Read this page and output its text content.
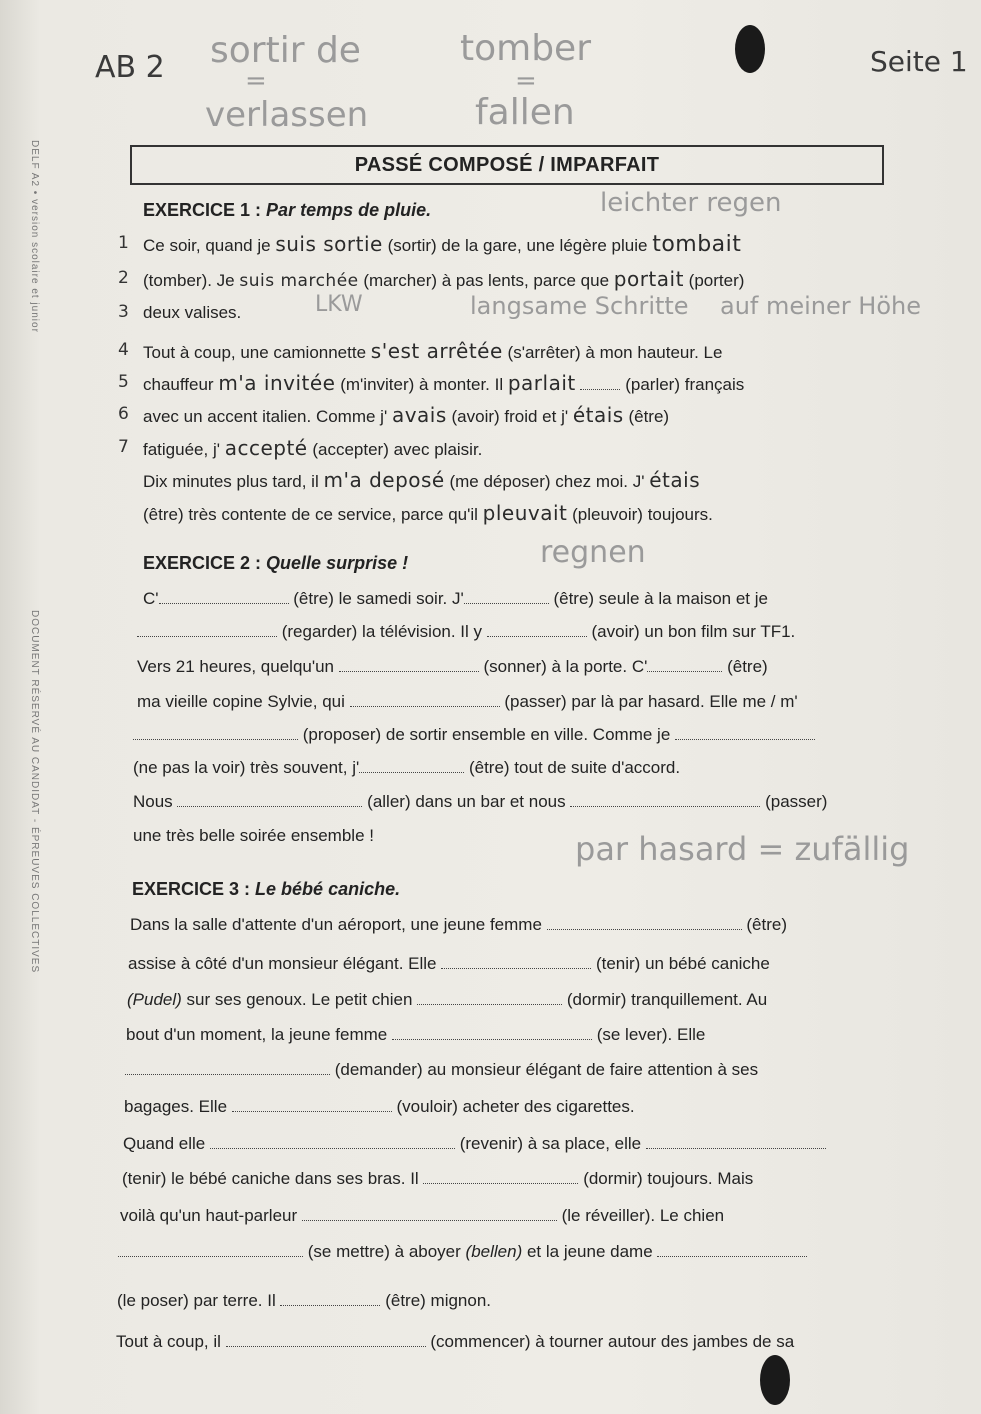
DELF A2 • version scolaire et junior
DOCUMENT RÉSERVÉ AU CANDIDAT - ÉPREUVES COLLECTIVES
AB 2 sortir de
=
verlassen
tomber
=
fallen
Seite 1
PASSÉ COMPOSÉ / IMPARFAIT
EXERCICE 1 : Par temps de pluie.	leichter regen
1 Ce soir, quand je suis sortie (sortir) de la gare, une légère pluie tombait
2 (tomber). Je suis marchée (marcher) à pas lents, parce que portait (porter)
3 deux valises.	LKW	langsame Schritte auf meiner Höhe
4 Tout à coup, une camionnette s'est arrêtée (s'arrêter) à mon hauteur. Le
5 chauffeur m'a invitée (m'inviter) à monter. Il parlait	(parler) français
6 avec un accent italien. Comme j' avais (avoir) froid et j' étais (être)
7 fatiguée, j' accepté (accepter) avec plaisir.
Dix minutes plus tard, il m'a deposé (me déposer) chez moi. J' étais
(être) très contente de ce service, parce qu'il pleuvait (pleuvoir) toujours.
EXERCICE 2 : Quelle surprise !	regnen
C'	(être) le samedi soir. J'	(être) seule à la maison et je
(regarder) la télévision. Il y	(avoir) un bon film sur TF1.
Vers 21 heures, quelqu'un	(sonner) à la porte. C'	(être)
ma vieille copine Sylvie, qui	(passer) par là par hasard. Elle me / m'
(proposer) de sortir ensemble en ville. Comme je
(ne pas la voir) très souvent, j'	(être) tout de suite d'accord.
Nous	(aller) dans un bar et nous	(passer)
une très belle soirée ensemble !	par hasard = zufällig
EXERCICE 3 : Le bébé caniche.
Dans la salle d'attente d'un aéroport, une jeune femme	(être)
assise à côté d'un monsieur élégant. Elle	(tenir) un bébé caniche
(Pudel) sur ses genoux. Le petit chien	(dormir) tranquillement. Au
bout d'un moment, la jeune femme	(se lever). Elle
(demander) au monsieur élégant de faire attention à ses
bagages. Elle	(vouloir) acheter des cigarettes.
Quand elle	(revenir) à sa place, elle
(tenir) le bébé caniche dans ses bras. Il	(dormir) toujours. Mais
voilà qu'un haut-parleur	(le réveiller). Le chien
(se mettre) à aboyer (bellen) et la jeune dame
(le poser) par terre. Il	(être) mignon.
Tout à coup, il	(commencer) à tourner autour des jambes de sa
